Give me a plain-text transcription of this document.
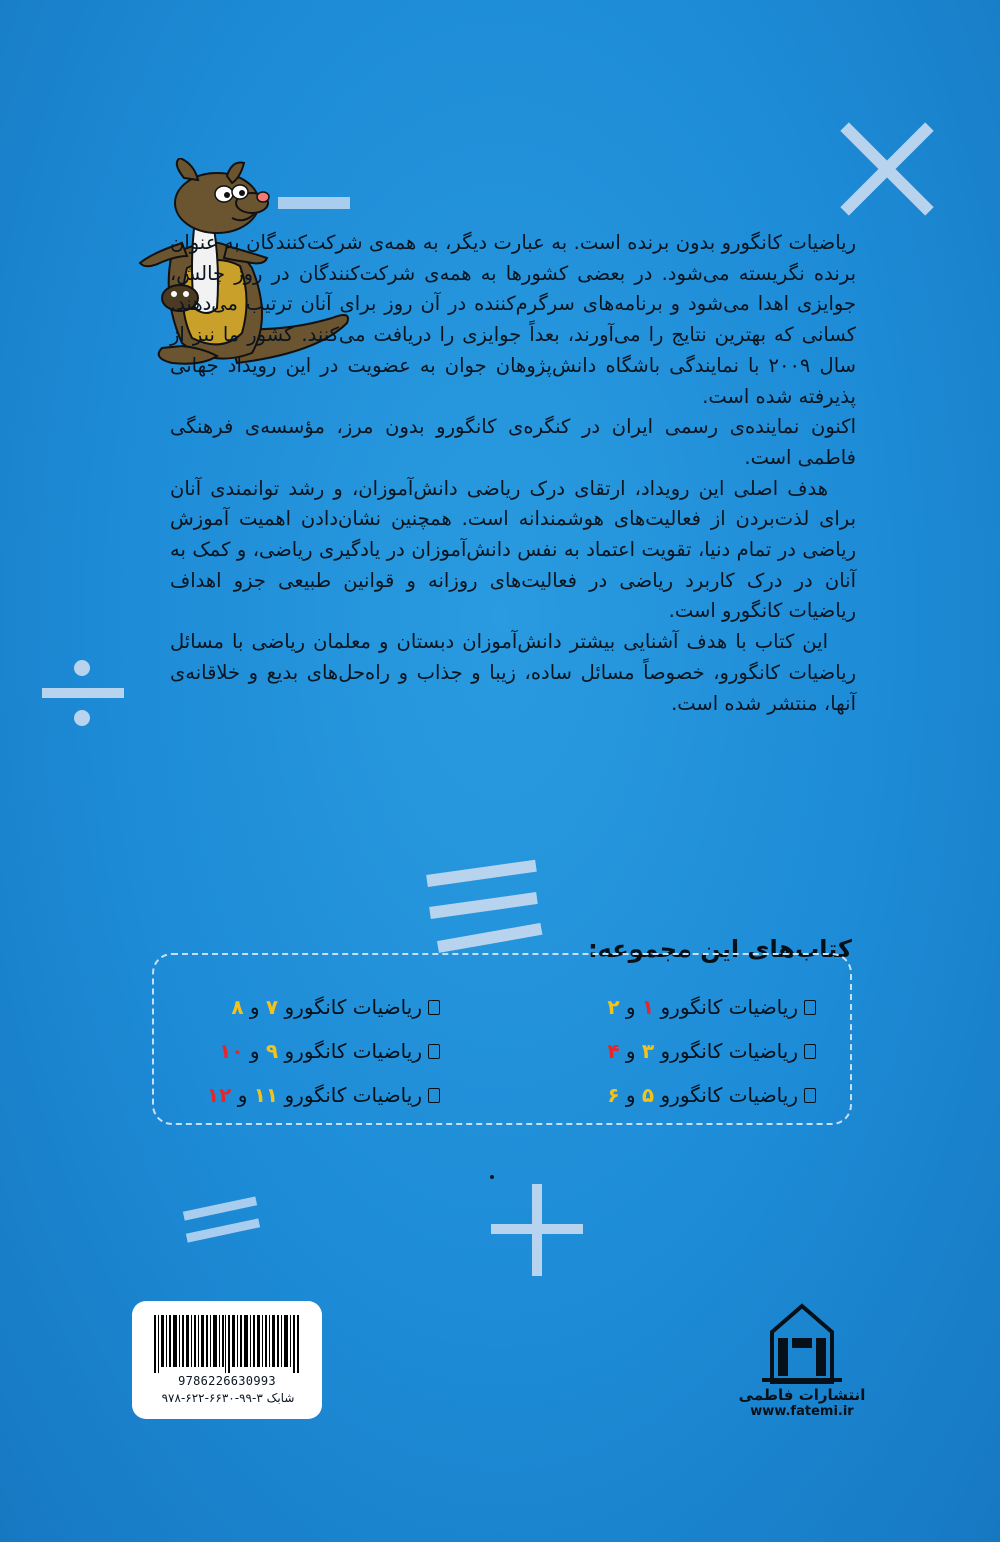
ریاضیات کانگورو بدون برنده است. به عبارت دیگر، به همه‌ی شرکت‌کنندگان به عنوان برنده نگریسته می‌شود. در بعضی کشورها به همه‌ی شرکت‌کنندگان در روز چالش، جوایزی اهدا می‌شود و برنامه‌های سرگرم‌کننده در آن روز برای آنان ترتیب می‌دهند. کسانی که بهترین نتایج را می‌آورند، بعداً جوایزی را دریافت می‌کنند. کشور ما نیز از سال ۲۰۰۹ با نمایندگی باشگاه دانش‌پژوهان جوان به عضویت در این رویداد جهانی پذیرفته شده است.

اکنون نماینده‌ی رسمی ایران در کنگره‌ی کانگورو بدون مرز، مؤسسه‌ی فرهنگی فاطمی است.

هدف اصلی این رویداد، ارتقای درک ریاضی دانش‌آموزان، و رشد توانمندی آنان برای لذت‌بردن از فعالیت‌های هوشمندانه است. همچنین نشان‌دادن اهمیت آموزش ریاضی در تمام دنیا، تقویت اعتماد به نفس دانش‌آموزان در یادگیری ریاضی، و کمک به آنان در درک کاربرد ریاضی در فعالیت‌های روزانه و قوانین طبیعی جزو اهداف ریاضیات کانگورو است.

این کتاب با هدف آشنایی بیشتر دانش‌آموزان دبستان و معلمان ریاضی با مسائل ریاضیات کانگورو، خصوصاً مسائل ساده، زیبا و جذاب و راه‌حل‌های بدیع و خلاقانه‌ی آنها، منتشر شده است.

کتاب‌های این مجموعه:
ریاضیات کانگورو ۱ و ۲
ریاضیات کانگورو ۳ و ۴
ریاضیات کانگورو ۵ و ۶
ریاضیات کانگورو ۷ و ۸
ریاضیات کانگورو ۹ و ۱۰
ریاضیات کانگورو ۱۱ و ۱۲
9786226630993
شابک ۳-۹۹-۶۶۳۰-۶۲۲-۹۷۸	انتشارات فاطمی
www.fatemi.ir
